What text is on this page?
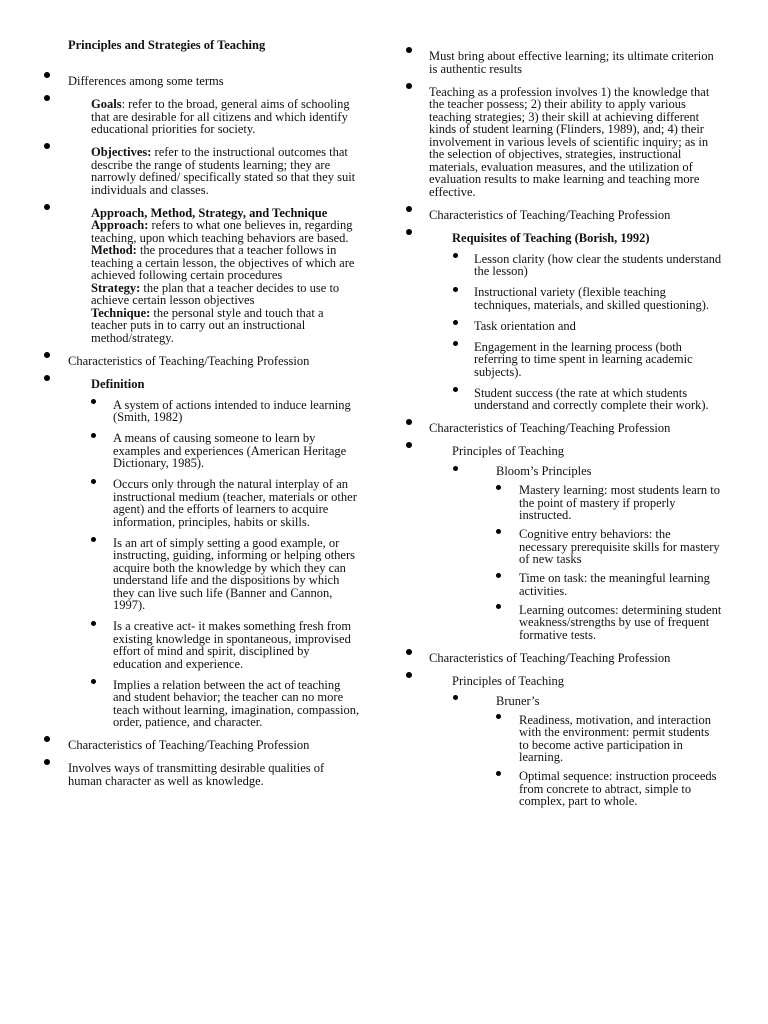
Principles and Strategies of Teaching
Differences among some terms
Goals: refer to the broad, general aims of schooling
that are desirable for all citizens and which identify
educational priorities for society.
Objectives: refer to the instructional outcomes that
describe the range of students learning; they are
narrowly defined/ specifically stated so that they suit
individuals and classes.
Approach, Method, Strategy, and Technique
Approach: refers to what one believes in, regarding
teaching, upon which teaching behaviors are based.
Method: the procedures that a teacher follows in
teaching a certain lesson, the objectives of which are
achieved following certain procedures
Strategy: the plan that a teacher decides to use to
achieve certain lesson objectives
Technique: the personal style and touch that a
teacher puts in to carry out an instructional
method/strategy.
Characteristics of Teaching/Teaching Profession
Definition
A system of actions intended to induce learning
(Smith, 1982)
A means of causing someone to learn by
examples and experiences (American Heritage
Dictionary, 1985).
Occurs only through the natural interplay of an
instructional medium (teacher, materials or other
agent) and the efforts of learners to acquire
information, principles, habits or skills.
Is an art of simply setting a good example, or
instructing, guiding, informing or helping others
acquire both the knowledge by which they can
understand life and the dispositions by which
they can live such life (Banner and Cannon,
1997).
Is a creative act- it makes something fresh from
existing knowledge in spontaneous, improvised
effort of mind and spirit, disciplined by
education and experience.
Implies a relation between the act of teaching
and student behavior; the teacher can no more
teach without learning, imagination, compassion,
order, patience, and character.
Characteristics of Teaching/Teaching Profession
Involves ways of transmitting desirable qualities of
human character as well as knowledge.
Must bring about effective learning; its ultimate criterion
is authentic results
Teaching as a profession involves 1) the knowledge that
the teacher possess; 2) their ability to apply various
teaching strategies; 3) their skill at achieving different
kinds of student learning (Flinders, 1989), and; 4) their
involvement in various levels of scientific inquiry; as in
the selection of objectives, strategies, instructional
materials, evaluation measures, and the utilization of
evaluation results to make learning and teaching more
effective.
Characteristics of Teaching/Teaching Profession
Requisites of Teaching (Borish, 1992)
Lesson clarity (how clear the students understand
the lesson)
Instructional variety (flexible teaching
techniques, materials, and skilled questioning).
Task orientation and
Engagement in the learning process (both
referring to time spent in learning academic
subjects).
Student success (the rate at which students
understand and correctly complete their work).
Characteristics of Teaching/Teaching Profession
Principles of Teaching
Bloom’s Principles
Mastery learning: most students learn to
the point of mastery if properly
instructed.
Cognitive entry behaviors: the
necessary prerequisite skills for mastery
of new tasks
Time on task: the meaningful learning
activities.
Learning outcomes: determining student
weakness/strengths by use of frequent
formative tests.
Characteristics of Teaching/Teaching Profession
Principles of Teaching
Bruner’s
Readiness, motivation, and interaction
with the environment: permit students
to become active participation in
learning.
Optimal sequence: instruction proceeds
from concrete to abtract, simple to
complex, part to whole.
